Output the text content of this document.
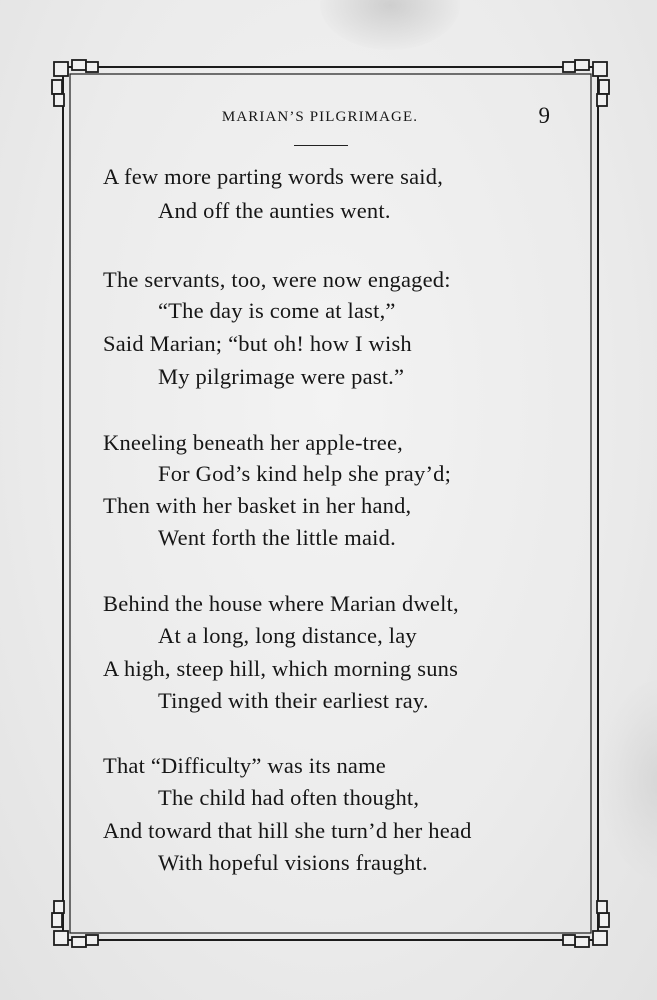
MARIAN’S PILGRIMAGE.	9
A few more parting words were said,
And off the aunties went.
The servants, too, were now engaged:
“The day is come at last,”
Said Marian; “but oh! how I wish
My pilgrimage were past.”
Kneeling beneath her apple-tree,
For God’s kind help she pray’d;
Then with her basket in her hand,
Went forth the little maid.
Behind the house where Marian dwelt,
At a long, long distance, lay
A high, steep hill, which morning suns
Tinged with their earliest ray.
That “Difficulty” was its name
The child had often thought,
And toward that hill she turn’d her head
With hopeful visions fraught.
